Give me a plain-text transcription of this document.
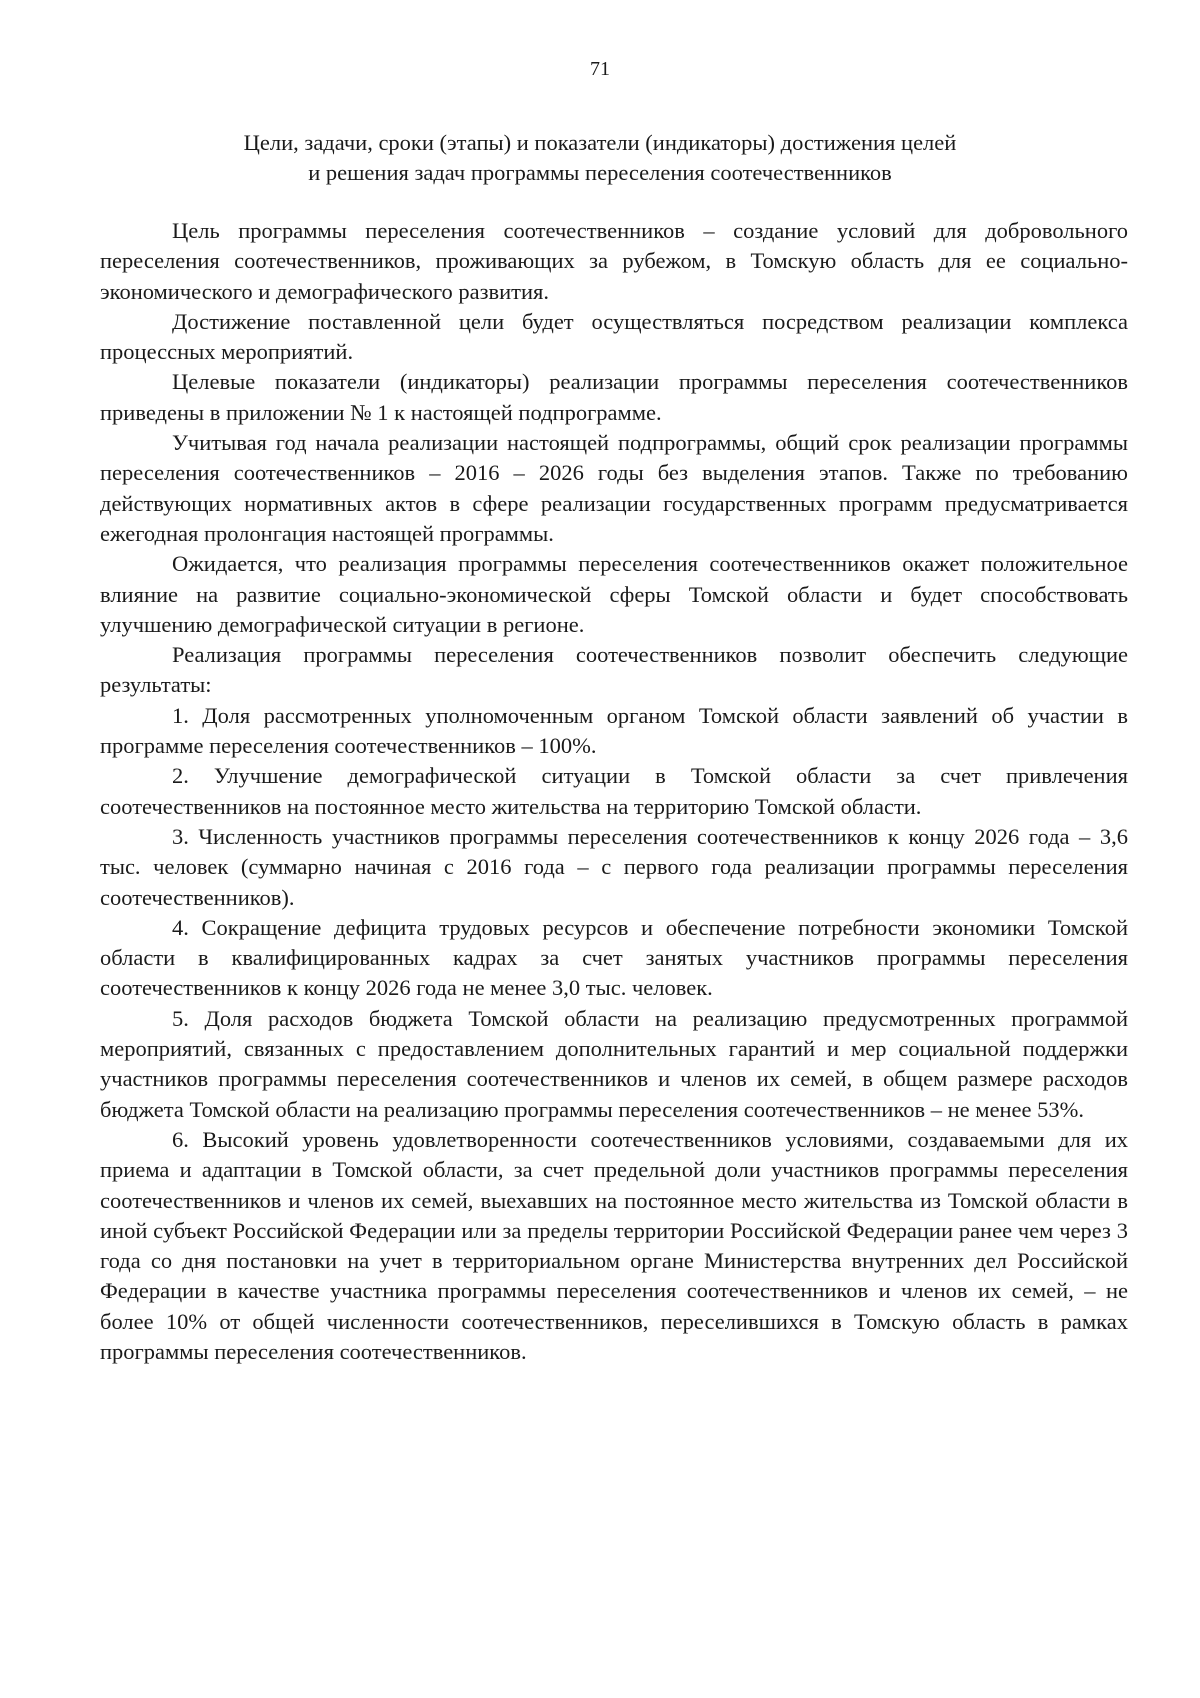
71
Цели, задачи, сроки (этапы) и показатели (индикаторы) достижения целей
и решения задач программы переселения соотечественников

Цель программы переселения соотечественников – создание условий для добровольного переселения соотечественников, проживающих за рубежом, в Томскую область для ее социально-экономического и демографического развития.

Достижение поставленной цели будет осуществляться посредством реализации комплекса процессных мероприятий.

Целевые показатели (индикаторы) реализации программы переселения соотечественников приведены в приложении № 1 к настоящей подпрограмме.

Учитывая год начала реализации настоящей подпрограммы, общий срок реализации программы переселения соотечественников – 2016 – 2026 годы без выделения этапов. Также по требованию действующих нормативных актов в сфере реализации государственных программ предусматривается ежегодная пролонгация настоящей программы.

Ожидается, что реализация программы переселения соотечественников окажет положительное влияние на развитие социально-экономической сферы Томской области и будет способствовать улучшению демографической ситуации в регионе.

Реализация программы переселения соотечественников позволит обеспечить следующие результаты:

1. Доля рассмотренных уполномоченным органом Томской области заявлений об участии в программе переселения соотечественников – 100%.

2. Улучшение демографической ситуации в Томской области за счет привлечения соотечественников на постоянное место жительства на территорию Томской области.

3. Численность участников программы переселения соотечественников к концу 2026 года – 3,6 тыс. человек (суммарно начиная с 2016 года – с первого года реализации программы переселения соотечественников).

4. Сокращение дефицита трудовых ресурсов и обеспечение потребности экономики Томской области в квалифицированных кадрах за счет занятых участников программы переселения соотечественников к концу 2026 года не менее 3,0 тыс. человек.

5. Доля расходов бюджета Томской области на реализацию предусмотренных программой мероприятий, связанных с предоставлением дополнительных гарантий и мер социальной поддержки участников программы переселения соотечественников и членов их семей, в общем размере расходов бюджета Томской области на реализацию программы переселения соотечественников – не менее 53%.

6. Высокий уровень удовлетворенности соотечественников условиями, создаваемыми для их приема и адаптации в Томской области, за счет предельной доли участников программы переселения соотечественников и членов их семей, выехавших на постоянное место жительства из Томской области в иной субъект Российской Федерации или за пределы территории Российской Федерации ранее чем через 3 года со дня постановки на учет в территориальном органе Министерства внутренних дел Российской Федерации в качестве участника программы переселения соотечественников и членов их семей, – не более 10% от общей численности соотечественников, переселившихся в Томскую область в рамках программы переселения соотечественников.
